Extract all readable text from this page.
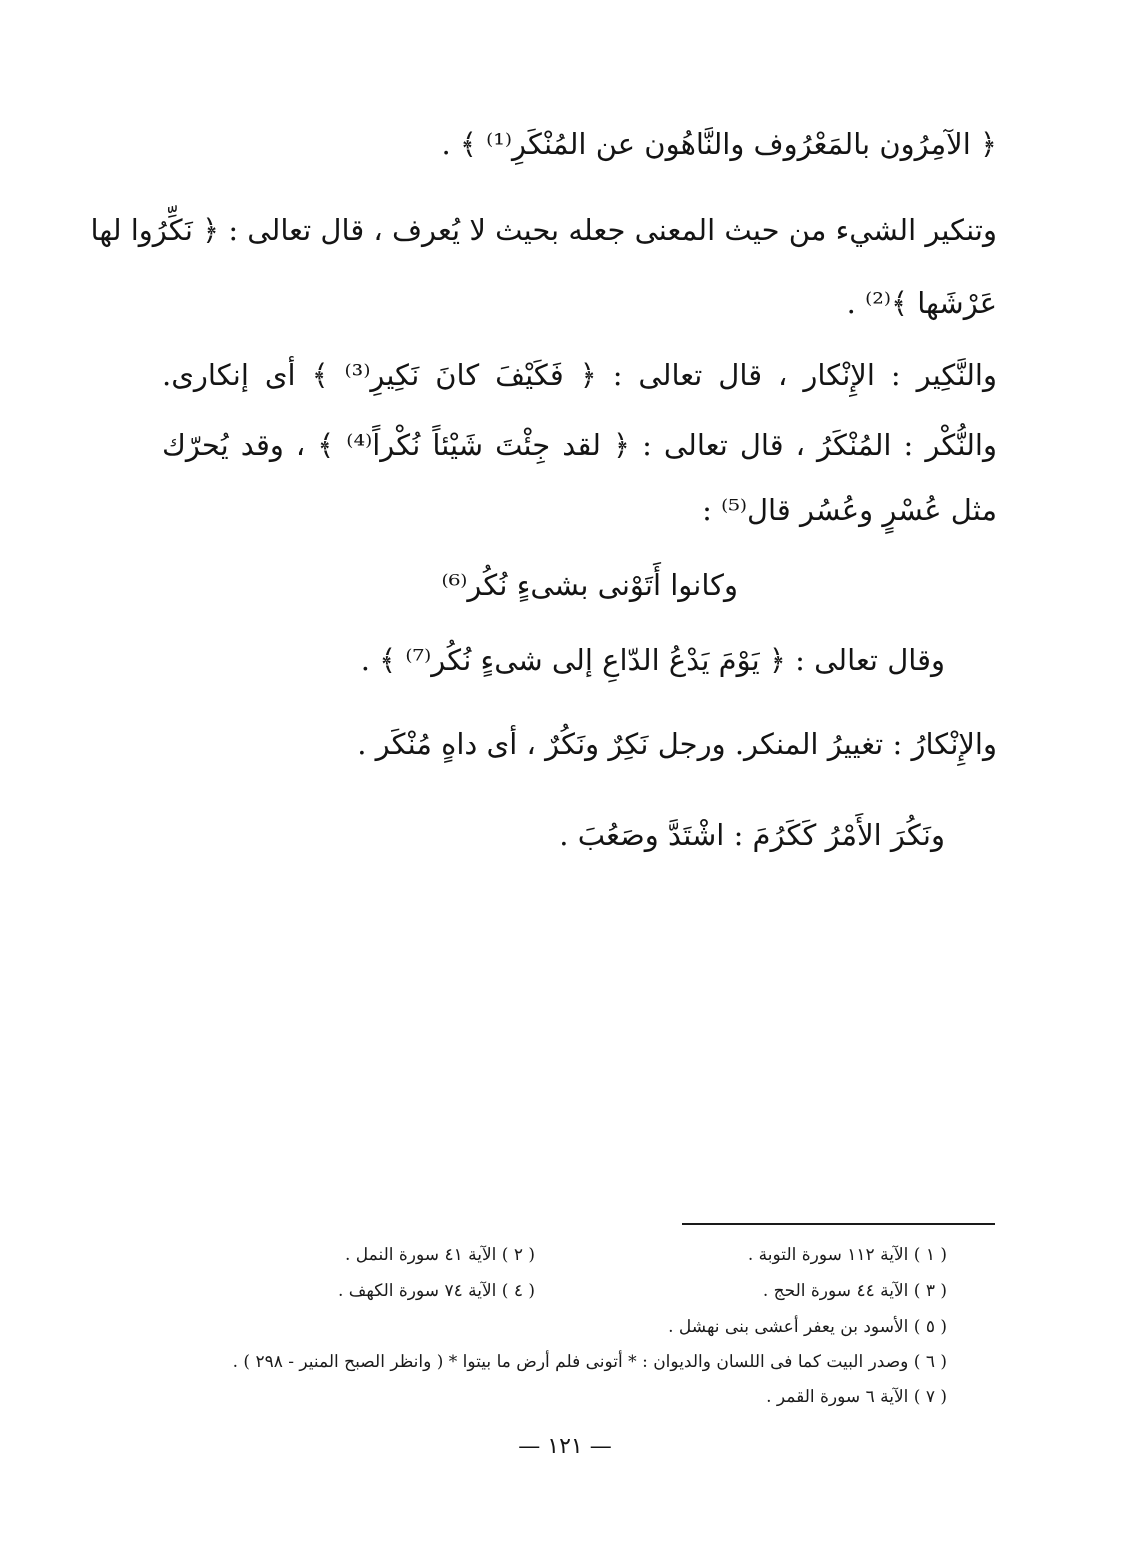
﴿ الآمِرُون بالمَعْرُوف والنَّاهُون عن المُنْكَرِ⁽¹⁾ ﴾ .
وتنكير الشيء من حيث المعنى جعله بحيث لا يُعرف ، قال تعالى : ﴿ نَكِّرُوا لها
عَرْشَها ﴾⁽²⁾ .
والنَّكِير : الإِنْكار ، قال تعالى : ﴿ فَكَيْفَ كانَ نَكِيرِ⁽³⁾ ﴾ أى إنكارى.
والنُّكْر : المُنْكَرُ ، قال تعالى : ﴿ لقد جِئْتَ شَيْئاً نُكْراً⁽⁴⁾ ﴾ ، وقد يُحرّك
مثل عُسْرٍ وعُسُر قال⁽⁵⁾ :
وكانوا أَتَوْنى بشىءٍ نُكُر⁽⁶⁾
وقال تعالى : ﴿ يَوْمَ يَدْعُ الدّاعِ إلى شىءٍ نُكُر⁽⁷⁾ ﴾ .
والإِنْكارُ : تغييرُ المنكر. ورجل نَكِرٌ ونَكُرٌ ، أى داهٍ مُنْكَر .
ونَكُرَ الأَمْرُ كَكَرُمَ : اشْتَدَّ وصَعُبَ .
( ١ ) الآية ١١٢ سورة التوبة .
( ٢ ) الآية ٤١ سورة النمل .
( ٣ ) الآية ٤٤ سورة الحج .
( ٤ ) الآية ٧٤ سورة الكهف .
( ٥ ) الأسود بن يعفر أعشى بنى نهشل .
( ٦ ) وصدر البيت كما فى اللسان والديوان : * أتونى فلم أرض ما بيتوا * ( وانظر الصبح المنير - ٢٩٨ ) .
( ٧ ) الآية ٦ سورة القمر .
— ١٢١ —
